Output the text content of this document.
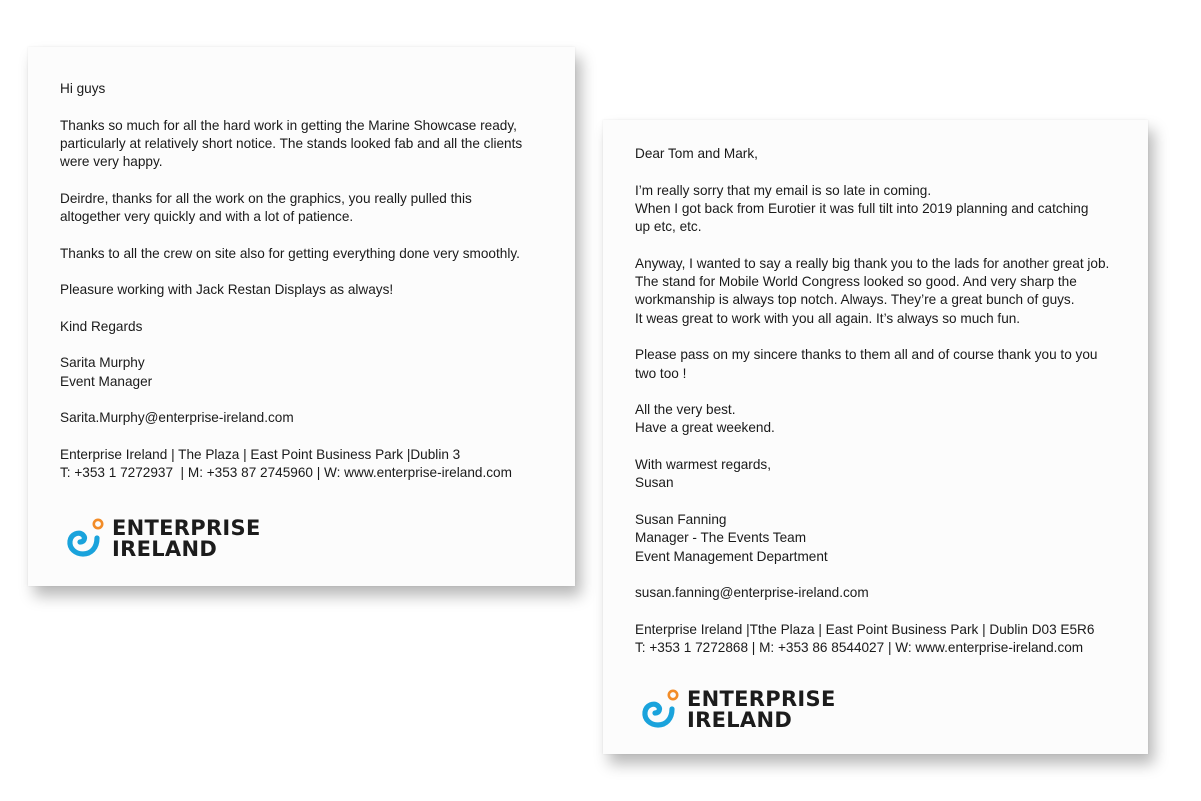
Hi guys

Thanks so much for all the hard work in getting the Marine Showcase ready,
particularly at relatively short notice. The stands looked fab and all the clients
were very happy.

Deirdre, thanks for all the work on the graphics, you really pulled this
altogether very quickly and with a lot of patience.

Thanks to all the crew on site also for getting everything done very smoothly.

Pleasure working with Jack Restan Displays as always!

Kind Regards

Sarita Murphy
Event Manager

Sarita.Murphy@enterprise-ireland.com

Enterprise Ireland | The Plaza | East Point Business Park |Dublin 3
T: +353 1 7272937  | M: +353 87 2745960 | W: www.enterprise-ireland.com

ENTERPRISE
IRELAND

Dear Tom and Mark,

I’m really sorry that my email is so late in coming.
When I got back from Eurotier it was full tilt into 2019 planning and catching
up etc, etc.

Anyway, I wanted to say a really big thank you to the lads for another great job.
The stand for Mobile World Congress looked so good. And very sharp the
workmanship is always top notch. Always. They’re a great bunch of guys.
It weas great to work with you all again. It’s always so much fun.

Please pass on my sincere thanks to them all and of course thank you to you
two too !

All the very best.
Have a great weekend.

With warmest regards,
Susan

Susan Fanning
Manager - The Events Team
Event Management Department

susan.fanning@enterprise-ireland.com

Enterprise Ireland |Tthe Plaza | East Point Business Park | Dublin D03 E5R6
T: +353 1 7272868 | M: +353 86 8544027 | W: www.enterprise-ireland.com

ENTERPRISE
IRELAND
